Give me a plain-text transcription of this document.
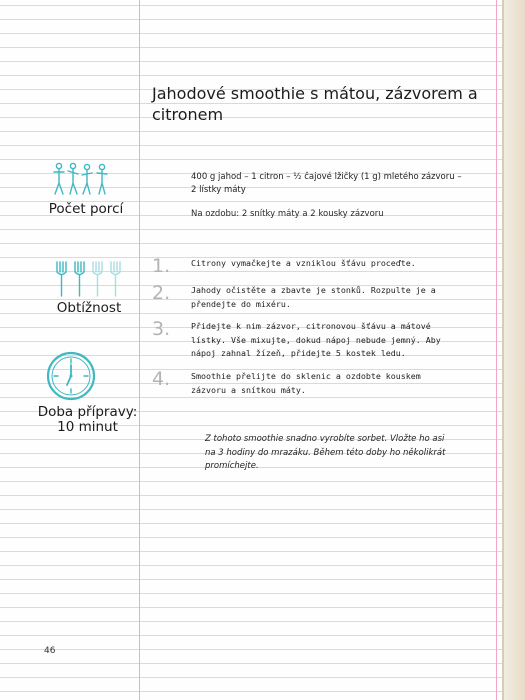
Jahodové smoothie s mátou, zázvorem a citronem

400 g jahod – 1 citron – ½ čajové lžičky (1 g) mletého zázvoru – 2 lístky máty

Na ozdobu: 2 snítky máty a 2 kousky zázvoru
Počet porcí
Obtížnost
Doba přípravy: 10 minut
1.	Citrony vymačkejte a vzniklou šťávu proceďte.
2.	Jahody očistěte a zbavte je stonků. Rozpulte je a přendejte do mixéru.
3.	Přidejte k nim zázvor, citronovou šťávu a mátové lístky. Vše mixujte, dokud nápoj nebude jemný. Aby nápoj zahnal žízeň, přidejte 5 kostek ledu.
4.	Smoothie přelijte do sklenic a ozdobte kouskem zázvoru a snítkou máty.
Z tohoto smoothie snadno vyrobíte sorbet. Vložte ho asi na 3 hodiny do mrazáku. Během této doby ho několikrát promíchejte.
46
